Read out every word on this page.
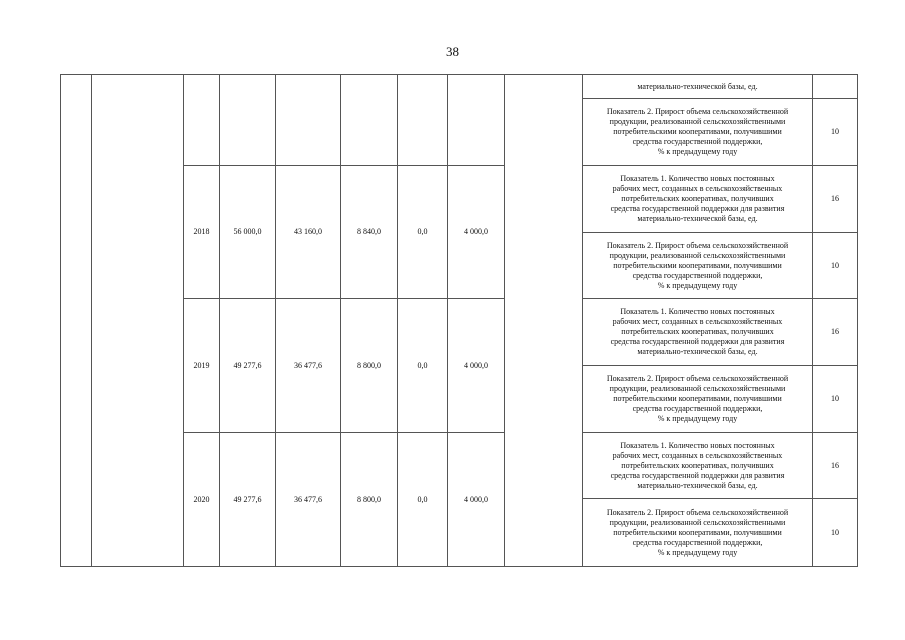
38
									материально-технической базы, ед.	

									Показатель 2. Прирост объема сельскохозяйственной
продукции, реализованной сельскохозяйственными
потребительскими кооперативами, получившими
средства государственной поддержки,
% к предыдущему году	10
		2018	56 000,0	43 160,0	8 840,0	0,0	4 000,0		Показатель 1. Количество новых постоянных
рабочих мест, созданных в сельскохозяйственных
потребительских кооперативах, получивших
средства государственной поддержки для развития
материально-технической базы, ед.	16

									Показатель 2. Прирост объема сельскохозяйственной
продукции, реализованной сельскохозяйственными
потребительскими кооперативами, получившими
средства государственной поддержки,
% к предыдущему году	10
		2019	49 277,6	36 477,6	8 800,0	0,0	4 000,0		Показатель 1. Количество новых постоянных
рабочих мест, созданных в сельскохозяйственных
потребительских кооперативах, получивших
средства государственной поддержки для развития
материально-технической базы, ед.	16

									Показатель 2. Прирост объема сельскохозяйственной
продукции, реализованной сельскохозяйственными
потребительскими кооперативами, получившими
средства государственной поддержки,
% к предыдущему году	10
		2020	49 277,6	36 477,6	8 800,0	0,0	4 000,0		Показатель 1. Количество новых постоянных
рабочих мест, созданных в сельскохозяйственных
потребительских кооперативах, получивших
средства государственной поддержки для развития
материально-технической базы, ед.	16

									Показатель 2. Прирост объема сельскохозяйственной
продукции, реализованной сельскохозяйственными
потребительскими кооперативами, получившими
средства государственной поддержки,
% к предыдущему году	10
